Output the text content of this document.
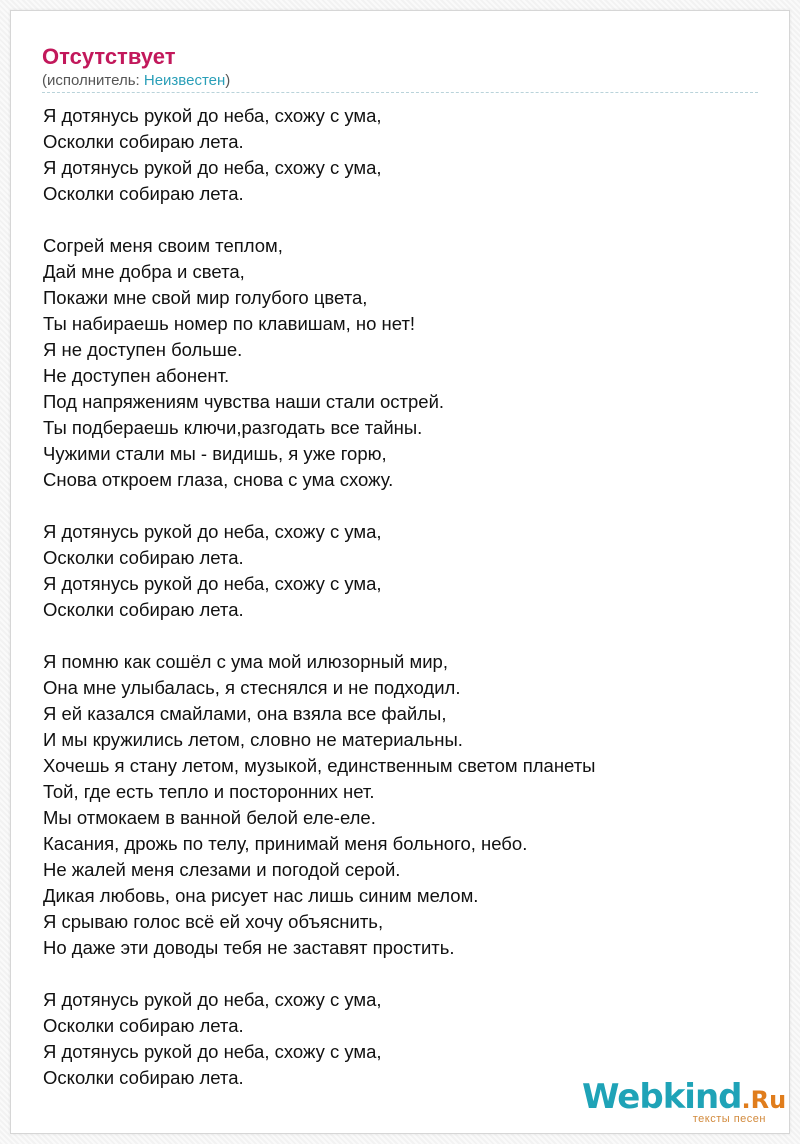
Отсутствует
(исполнитель: Неизвестен)
Я дотянусь рукой до неба, схожу с ума,
Осколки собираю лета.
Я дотянусь рукой до неба, схожу с ума,
Осколки собираю лета.
Согрей меня своим теплом,
Дай мне добра и света,
Покажи мне свой мир голубого цвета,
Ты набираешь номер по клавишам, но нет!
Я не доступен больше.
Не доступен абонент.
Под напряжениям чувства наши стали острей.
Ты подбераешь ключи,разгодать все тайны.
Чужими стали мы - видишь, я уже горю,
Снова откроем глаза, снова с ума схожу.
Я дотянусь рукой до неба, схожу с ума,
Осколки собираю лета.
Я дотянусь рукой до неба, схожу с ума,
Осколки собираю лета.
Я помню как сошёл с ума мой илюзорный мир,
Она мне улыбалась, я стеснялся и не подходил.
Я ей казался смайлами, она взяла все файлы,
И мы кружились летом, словно не материальны.
Хочешь я стану летом, музыкой, единственным светом планеты
Той, где есть тепло и посторонних нет.
Мы отмокаем в ванной белой еле-еле.
Касания, дрожь по телу, принимай меня больного, небо.
Не жалей меня слезами и погодой серой.
Дикая любовь, она рисует нас лишь синим мелом.
Я срываю голос всё ей хочу объяснить,
Но даже эти доводы тебя не заставят простить.
Я дотянусь рукой до неба, схожу с ума,
Осколки собираю лета.
Я дотянусь рукой до неба, схожу с ума,
Осколки собираю лета.	Webkind.Ru
тексты песен
